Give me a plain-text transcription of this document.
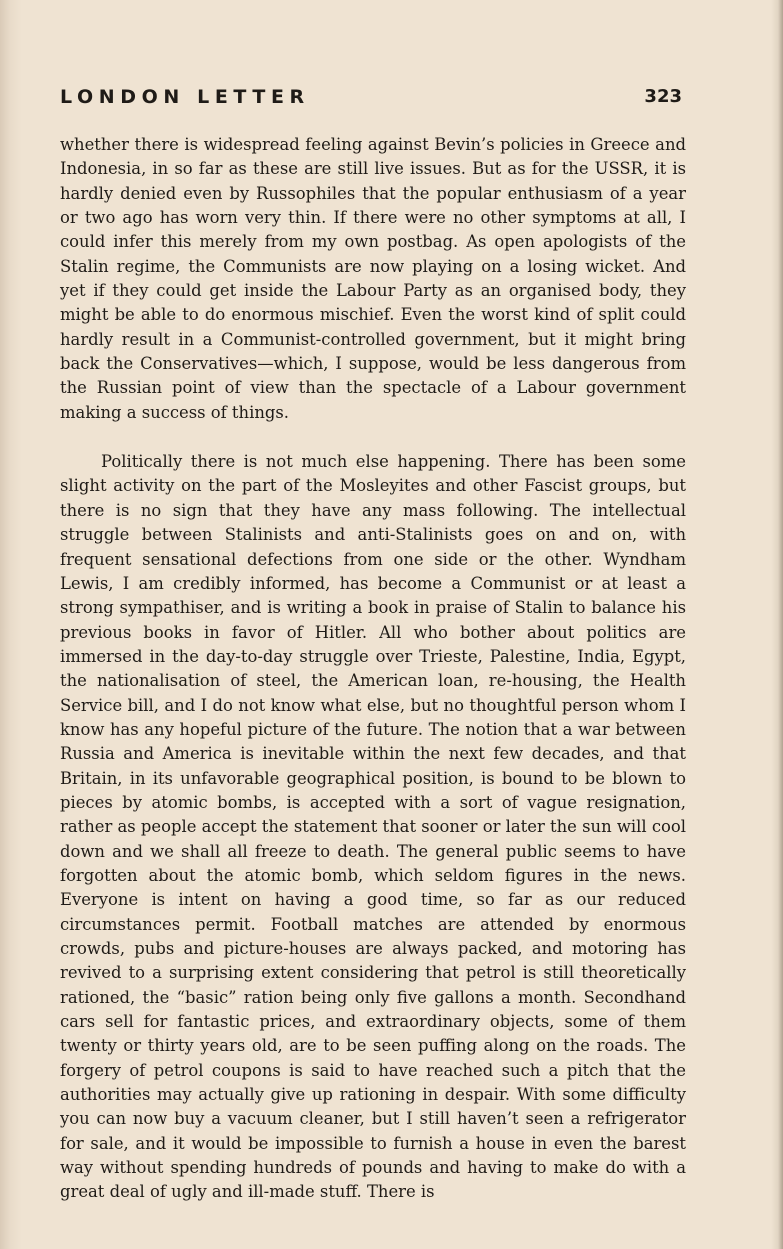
LONDON LETTER	323

whether there is widespread feeling against Bevin’s policies in Greece and Indonesia, in so far as these are still live issues. But as for the USSR, it is hardly denied even by Russophiles that the popular enthusiasm of a year or two ago has worn very thin. If there were no other symptoms at all, I could infer this merely from my own postbag. As open apologists of the Stalin regime, the Communists are now playing on a losing wicket. And yet if they could get inside the Labour Party as an organised body, they might be able to do enormous mischief. Even the worst kind of split could hardly result in a Communist-controlled government, but it might bring back the Conservatives—which, I suppose, would be less dangerous from the Russian point of view than the spectacle of a Labour government making a success of things.

Politically there is not much else happening. There has been some slight activity on the part of the Mosleyites and other Fascist groups, but there is no sign that they have any mass following. The intellectual struggle between Stalinists and anti-Stalinists goes on and on, with frequent sensational defections from one side or the other. Wyndham Lewis, I am credibly informed, has become a Communist or at least a strong sympathiser, and is writing a book in praise of Stalin to balance his previous books in favor of Hitler. All who bother about politics are immersed in the day-to-day struggle over Trieste, Palestine, India, Egypt, the nationalisation of steel, the American loan, re-housing, the Health Service bill, and I do not know what else, but no thoughtful person whom I know has any hopeful picture of the future. The notion that a war between Russia and America is inevitable within the next few decades, and that Britain, in its unfavorable geographical position, is bound to be blown to pieces by atomic bombs, is accepted with a sort of vague resignation, rather as people accept the statement that sooner or later the sun will cool down and we shall all freeze to death. The general public seems to have forgotten about the atomic bomb, which seldom figures in the news. Everyone is intent on having a good time, so far as our reduced circumstances permit. Football matches are attended by enormous crowds, pubs and picture-houses are always packed, and motoring has revived to a surprising extent considering that petrol is still theoretically rationed, the “basic” ration being only five gallons a month. Secondhand cars sell for fantastic prices, and extraordinary objects, some of them twenty or thirty years old, are to be seen puffing along on the roads. The forgery of petrol coupons is said to have reached such a pitch that the authorities may actually give up rationing in despair. With some difficulty you can now buy a vacuum cleaner, but I still haven’t seen a refrigerator for sale, and it would be impossible to furnish a house in even the barest way without spending hundreds of pounds and having to make do with a great deal of ugly and ill-made stuff. There is
